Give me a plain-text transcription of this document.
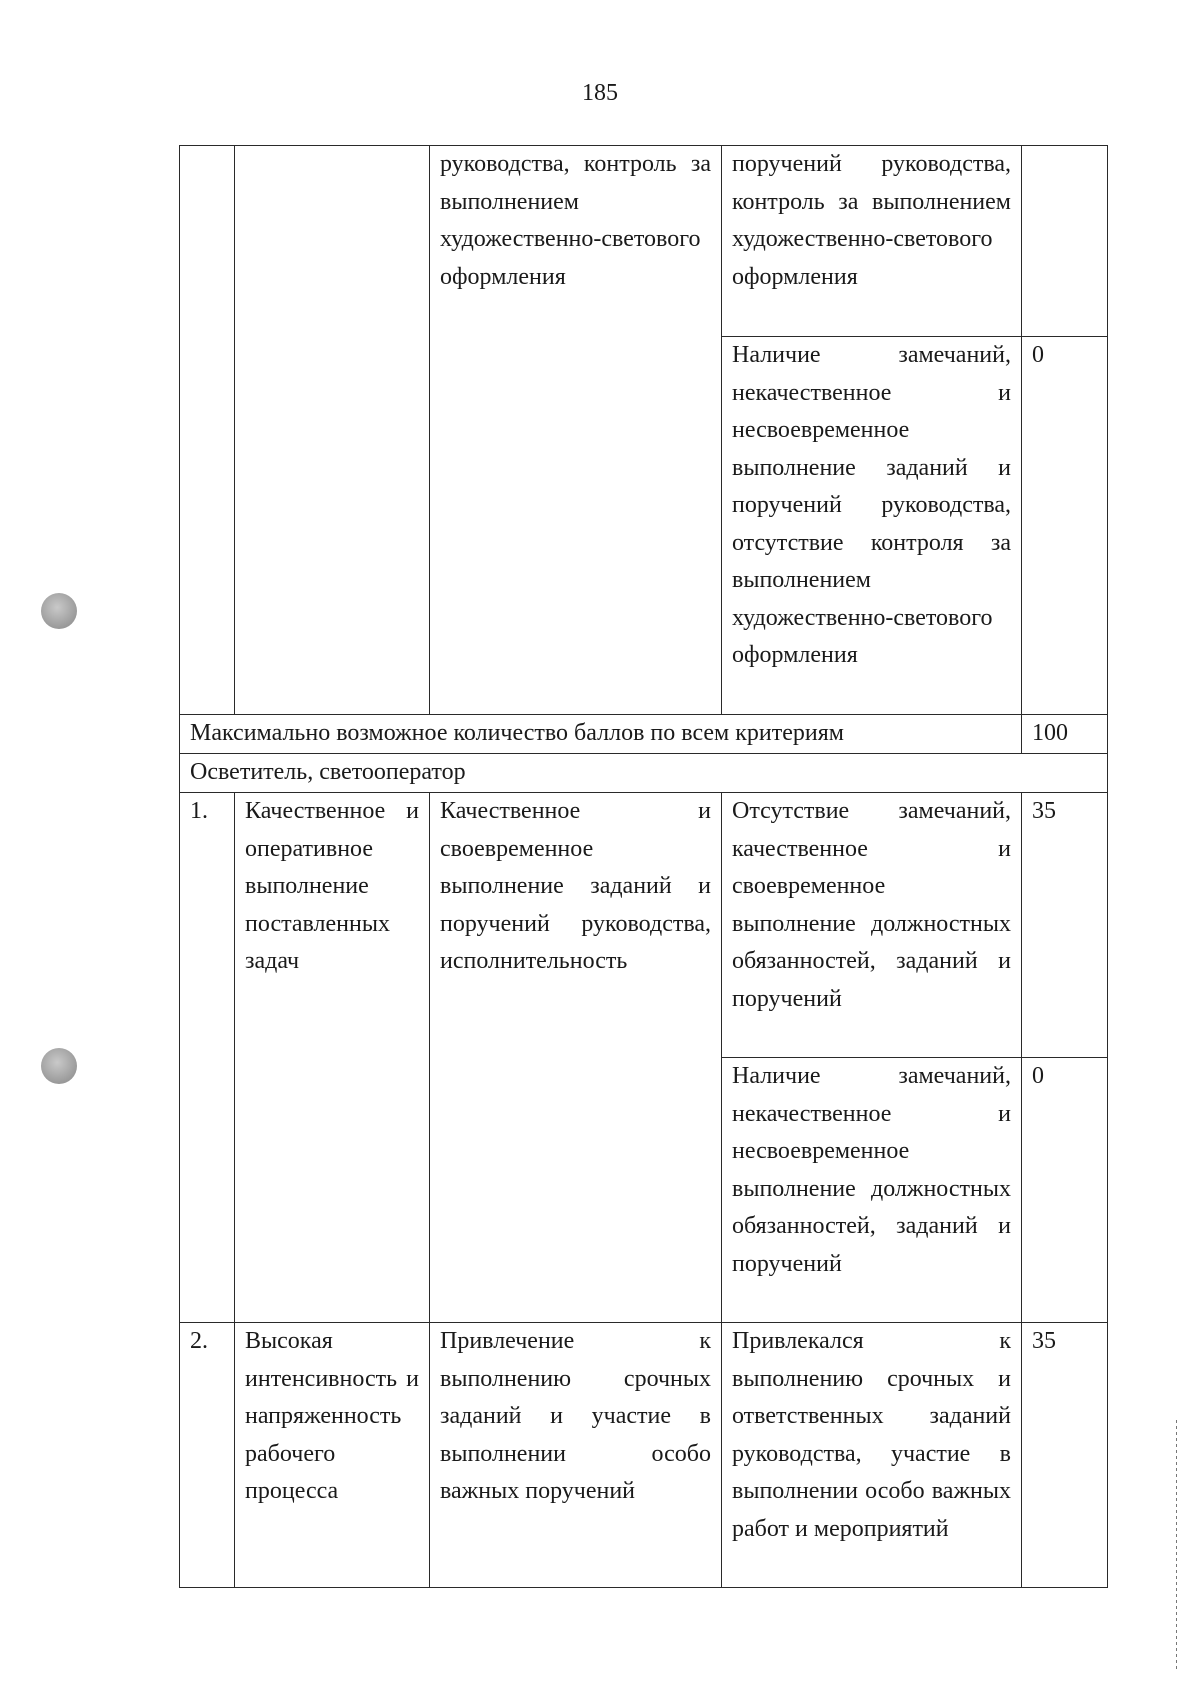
185
		руководства, контроль за выполнением художественно-светового оформления	поручений руководства, контроль за выполнением художественно-светового оформления	
			Наличие замечаний, некачественное и несвоевременное выполнение заданий и поручений руководства, отсутствие контроля за выполнением художественно-светового оформления	0
Максимально возможное количество баллов по всем критериям				100
Осветитель, светооператор				
1.	Качественное и оперативное выполнение поставленных задач	Качественное и своевременное выполнение заданий и поручений руководства, исполнительность	Отсутствие замечаний, качественное и своевременное выполнение должностных обязанностей, заданий и поручений	35
			Наличие замечаний, некачественное и несвоевременное выполнение должностных обязанностей, заданий и поручений	0
2.	Высокая интенсивность и напряженность рабочего процесса	Привлечение к выполнению срочных заданий и участие в выполнении особо важных поручений	Привлекался к выполнению срочных и ответственных заданий руководства, участие в выполнении особо важных работ и мероприятий	35
